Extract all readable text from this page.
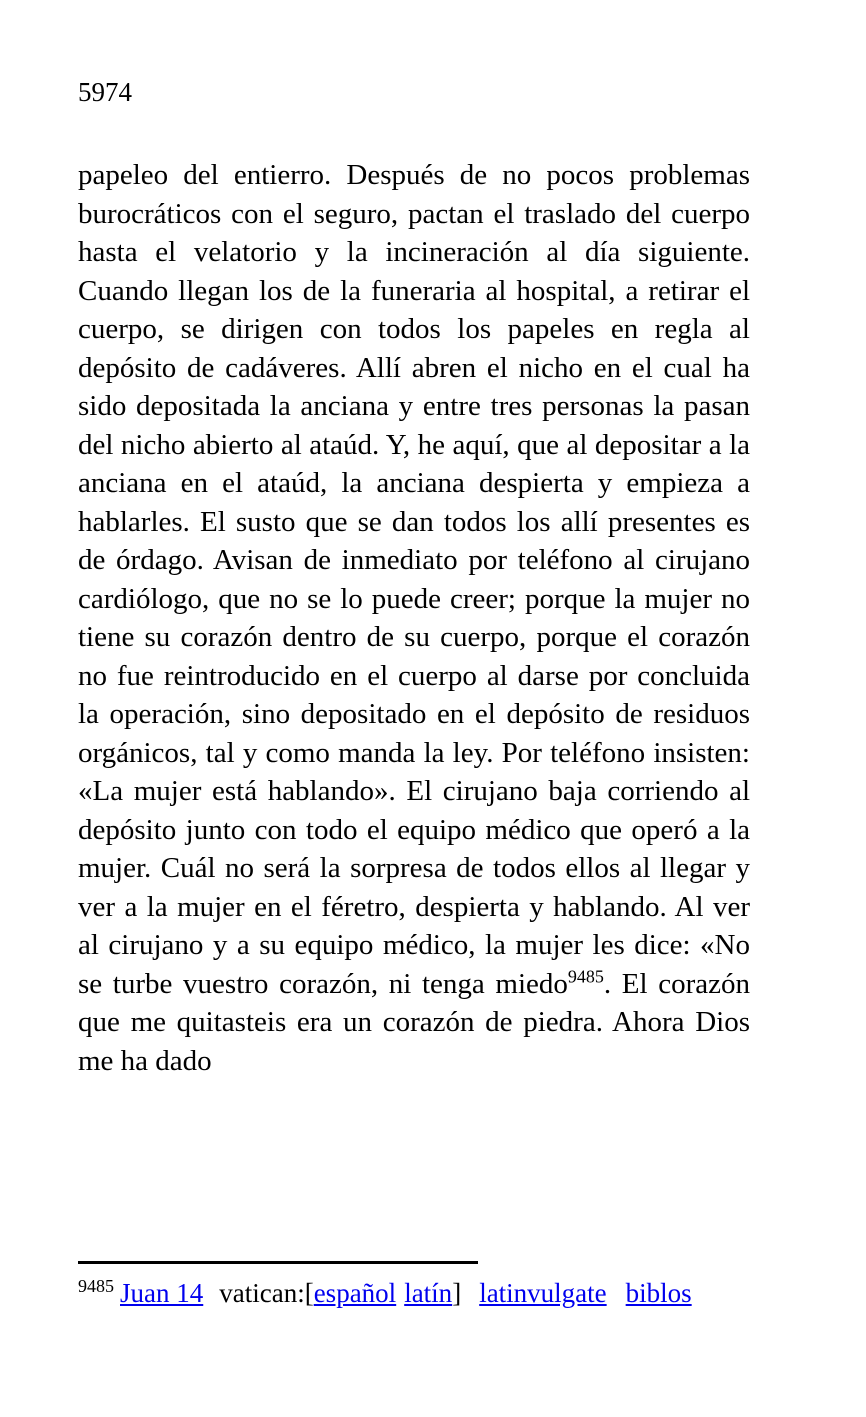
5974

papeleo del entierro. Después de no pocos problemas burocráticos con el seguro, pactan el traslado del cuerpo hasta el velatorio y la incineración al día siguiente. Cuando llegan los de la funeraria al hospital, a retirar el cuerpo, se dirigen con todos los papeles en regla al depósito de cadáveres. Allí abren el nicho en el cual ha sido depositada la anciana y entre tres personas la pasan del nicho abierto al ataúd. Y, he aquí, que al depositar a la anciana en el ataúd, la anciana despierta y empieza a hablarles. El susto que se dan todos los allí presentes es de órdago. Avisan de inmediato por teléfono al cirujano cardiólogo, que no se lo puede creer; porque la mujer no tiene su corazón dentro de su cuerpo, porque el corazón no fue reintroducido en el cuerpo al darse por concluida la operación, sino depositado en el depósito de residuos orgánicos, tal y como manda la ley. Por teléfono insisten: «La mujer está hablando». El cirujano baja corriendo al depósito junto con todo el equipo médico que operó a la mujer. Cuál no será la sorpresa de todos ellos al llegar y ver a la mujer en el féretro, despierta y hablando. Al ver al cirujano y a su equipo médico, la mujer les dice: «No se turbe vuestro corazón, ni tenga miedo$^{9485}$. El corazón que me quitasteis era un corazón de piedra. Ahora Dios me ha dado

$^{9485}$ Juan 14 vatican:[español latín] latinvulgate biblos
